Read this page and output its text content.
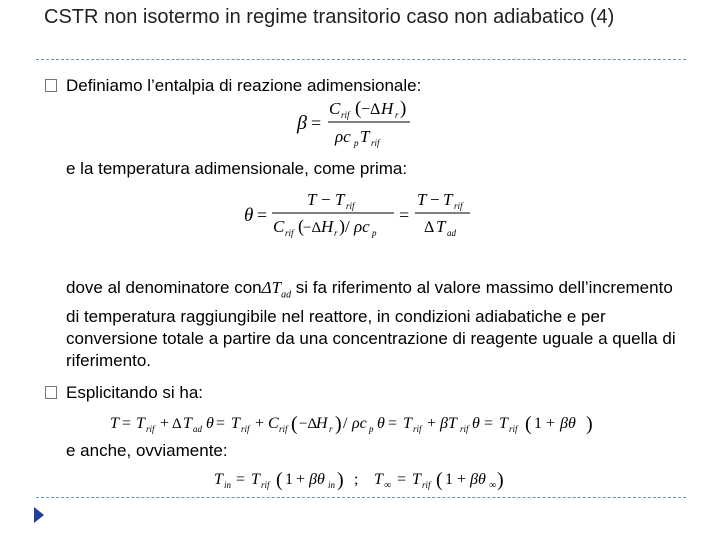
CSTR non isotermo in regime transitorio caso non adiabatico (4)
Definiamo l’entalpia di reazione adimensionale:
β =
C rif ( −Δ H r )
ρc p T rif
e la temperatura adimensionale, come prima:
θ =
T − T rif
C rif ( −Δ H r ) / ρc p
=
T − T rif
Δ T ad
dove al denominatore conΔT$_{ad}$ si fa riferimento al valore massimo dell’incremento di temperatura raggiungibile nel reattore, in condizioni adiabatiche e per conversione totale a partire da una concentrazione di reagente uguale a quella di riferimento.
Esplicitando si ha:
T = T rif + Δ T ad θ = T rif + C rif ( −Δ
H r ) / ρc p θ = T rif + βT rif θ = T rif ( 1 + βθ )
e anche, ovviamente:
T in = T rif ( 1 + βθ in ) ; T ∞ = T rif ( 1 + βθ ∞ )
